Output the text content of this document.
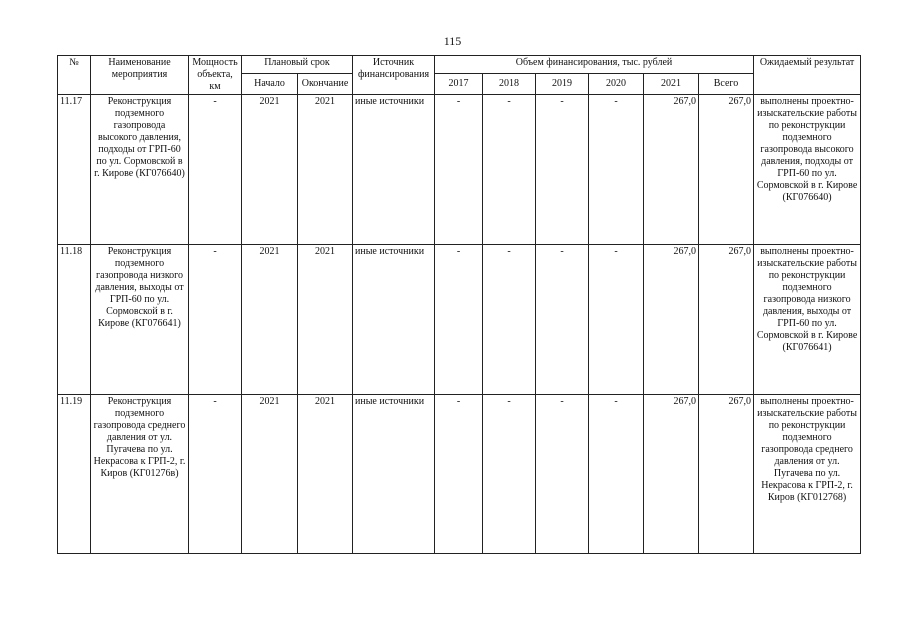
115
№	Наименование мероприятия	Мощность объекта, км	Плановый срок		Источник финансирования	Объем финансирования, тыс. рублей						Ожидаемый результат
			Начало	Окончание		2017	2018	2019	2020	2021	Всего	
11.17	Реконструкция подземного газопровода высокого давления, подходы от ГРП-60 по ул. Сормовской в г. Кирове (КГ076640)	-	2021	2021	иные источники	-	-	-	-	267,0	267,0	выполнены проектно-изыскательские работы по реконструкции подземного газопровода высокого давления, подходы от ГРП-60 по ул. Сормовской в г. Кирове (КГ076640)
11.18	Реконструкция подземного газопровода низкого давления, выходы от ГРП-60 по ул. Сормовской в г. Кирове (КГ076641)	-	2021	2021	иные источники	-	-	-	-	267,0	267,0	выполнены проектно-изыскательские работы по реконструкции подземного газопровода низкого давления, выходы от ГРП-60 по ул. Сормовской в г. Кирове (КГ076641)
11.19	Реконструкция подземного газопровода среднего давления от ул. Пугачева по ул. Некрасова к ГРП-2, г. Киров (КГ01276в)	-	2021	2021	иные источники	-	-	-	-	267,0	267,0	выполнены проектно-изыскательские работы по реконструкции подземного газопровода среднего давления от ул. Пугачева по ул. Некрасова к ГРП-2, г. Киров (КГ012768)
